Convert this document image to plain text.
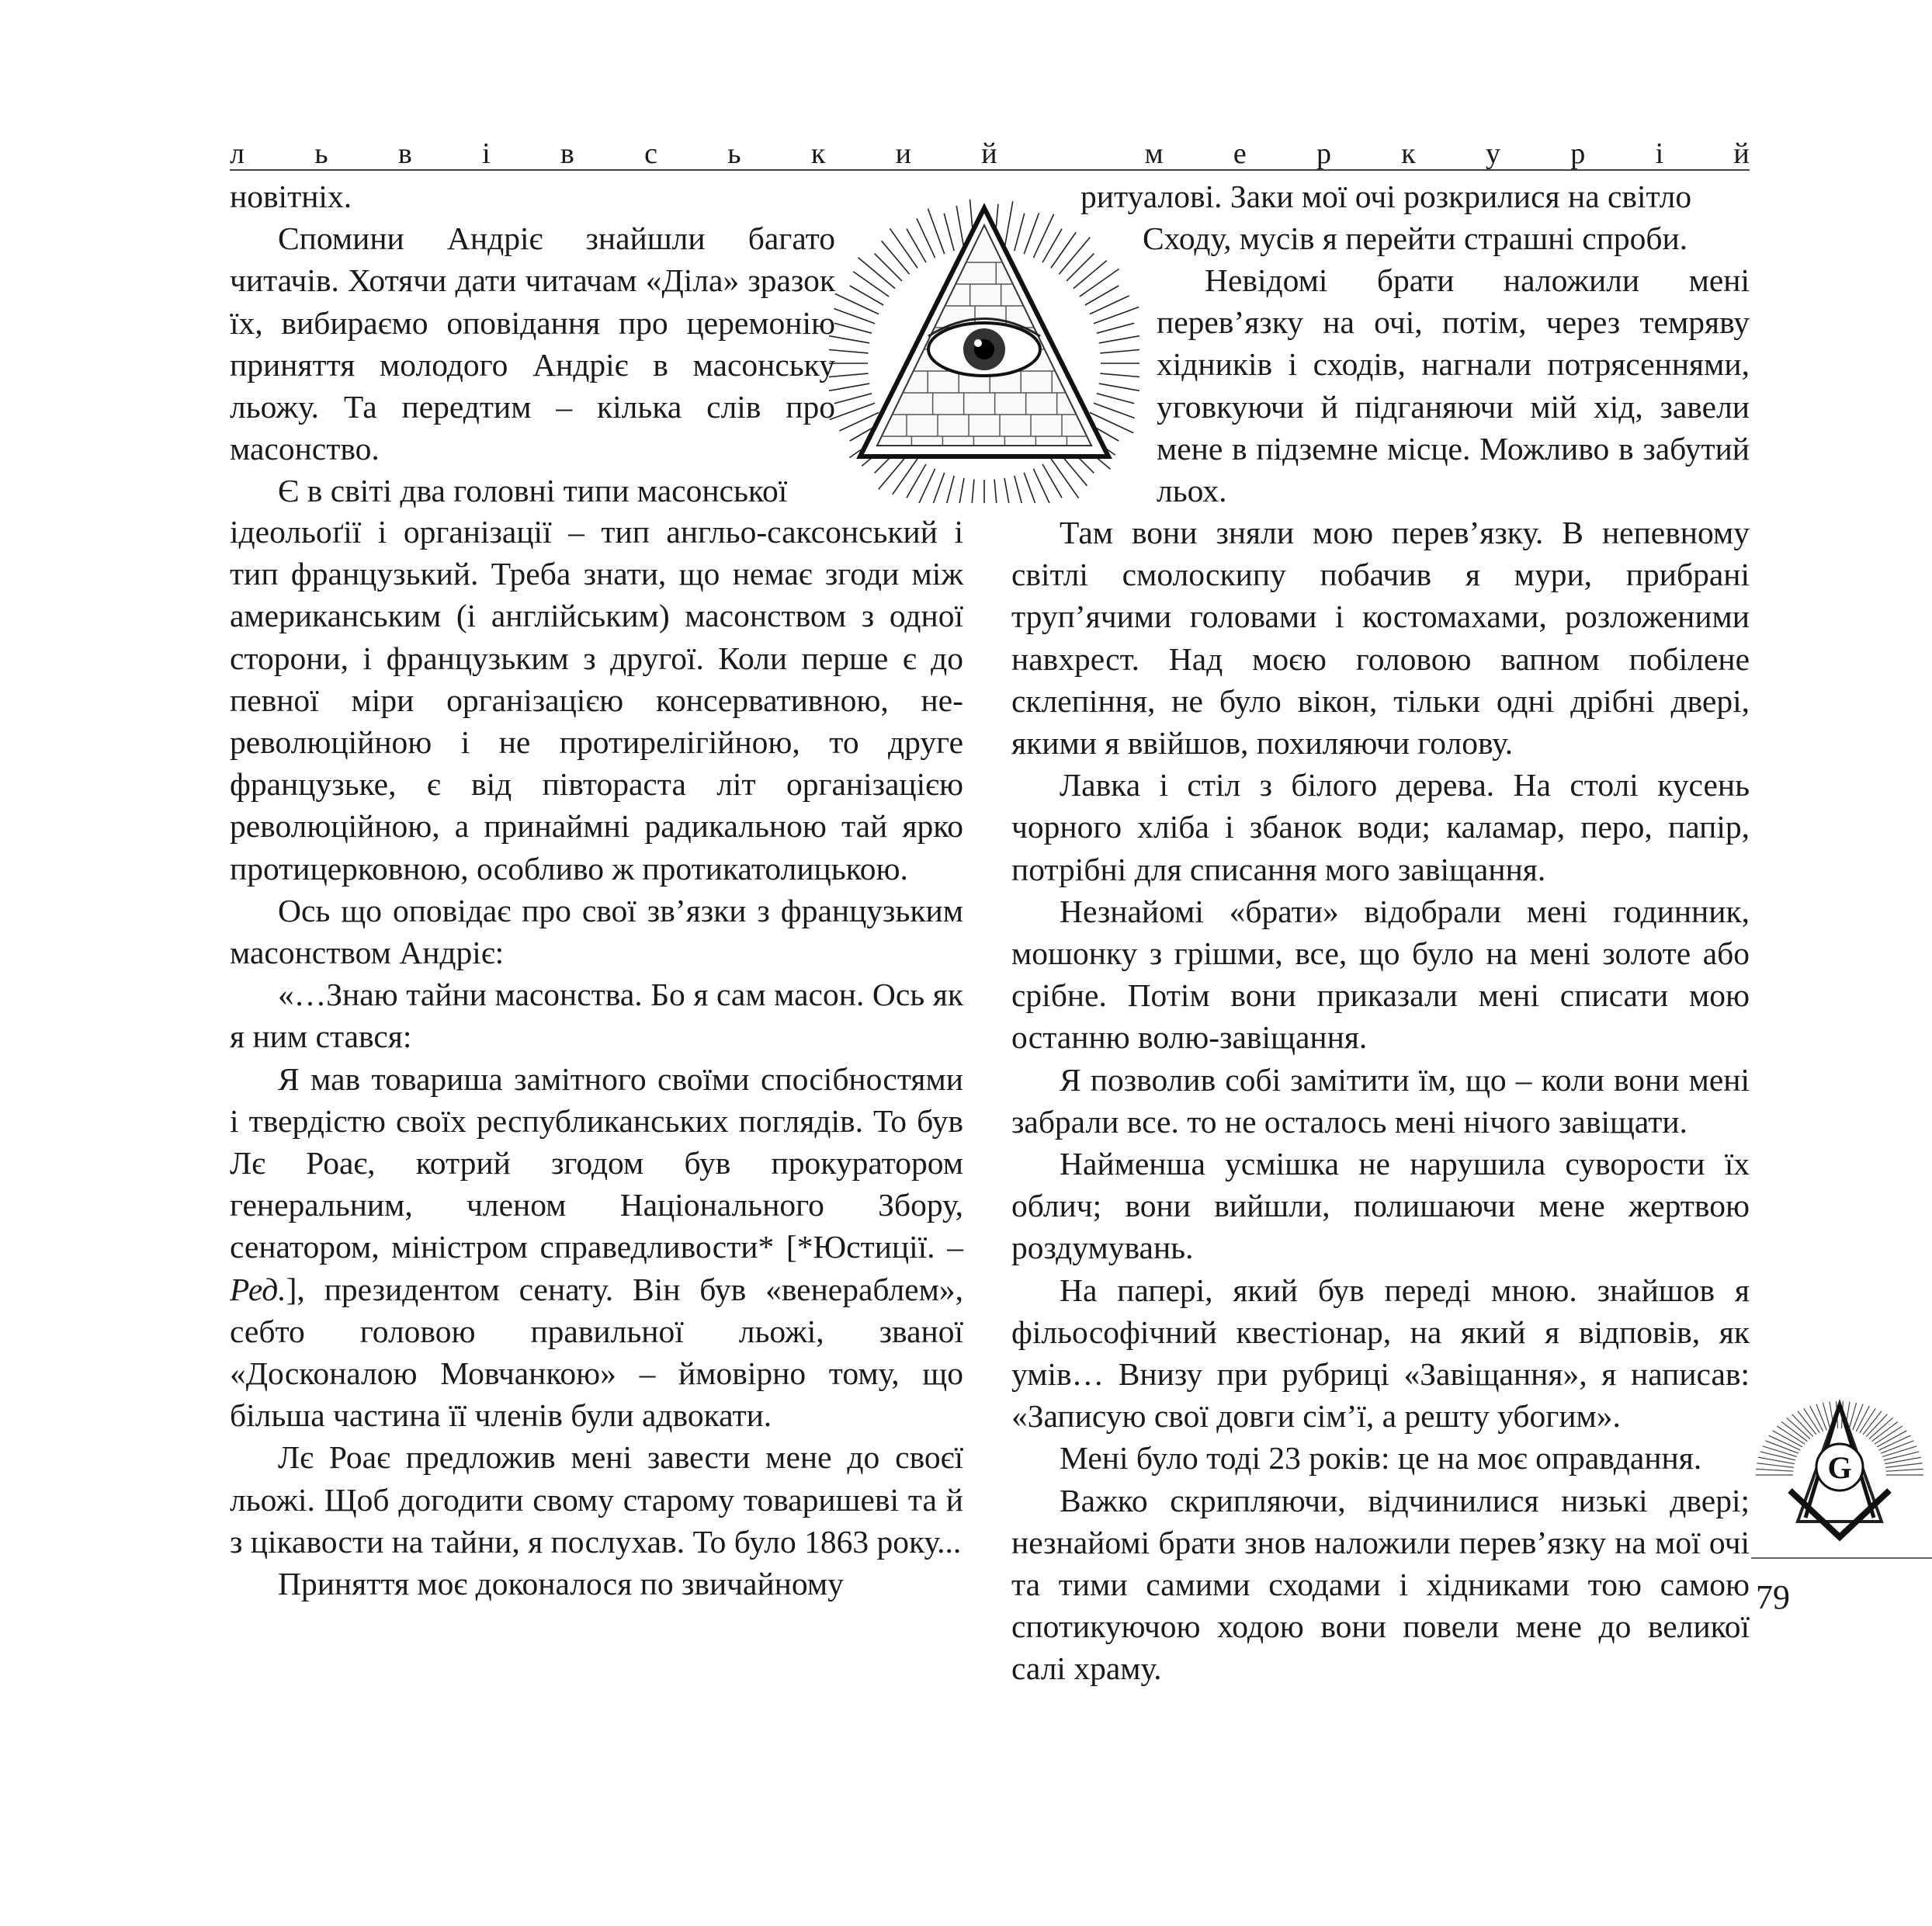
л ь в і в с ь к и й
	м е р к у р і й

новітніх.

Спомини Андріє знайшли багато читачів. Хотячи дати читачам «Діла» зразок їх, вибираємо оповідання про церемонію приняття молодого Андріє в масонську льожу. Та передтим – кілька слів про масонство.

Є в світі два головні типи масонської

ідеольоґії і організації – тип англьо-саксонський і тип французький. Треба знати, що немає згоди між американським (і англійським) масонством з одної сторони, і французьким з другої. Коли перше є до певної міри організацією консервативною, не-революційною і не протирелігійною, то друге французьке, є від півтораста літ організацією революційною, а принаймні радикальною тай ярко протицерковною, особливо ж протикатолицькою.

Ось що оповідає про свої зв’язки з французьким масонством Андріє:

«…Знаю тайни масонства. Бо я сам масон. Ось як я ним стався:

Я мав товариша замітного своїми спосібностями і твердістю своїх республиканських поглядів. То був Лє Роає, котрий згодом був прокуратором генеральним, членом Національного Збору, сенатором, міністром справедливости* [*Юстиції. – Ред.], президентом сенату. Він був «венераблем», себто головою правильної льожі, званої «Досконалою Мовчанкою» – ймовірно тому, що більша частина її членів були адвокати.

Лє Роає предложив мені завести мене до своєї льожі. Щоб догодити свому старому товаришеві та й з цікавости на тайни, я послухав. То було 1863 року...

Приняття моє доконалося по звичайному

ритуалові. Заки мої очі розкрилися на світло

Сходу, мусів я перейти страшні спроби.

Невідомі брати наложили мені перев’язку на очі, потім, через темряву хідників і сходів, нагнали потрясеннями, уговкуючи й підганяючи мій хід, завели мене в підземне місце. Можливо в забутий льох.

Там вони зняли мою перев’язку. В непевному світлі смолоскипу побачив я мури, прибрані труп’ячими головами і костомахами, розложеними навхрест. Над моєю головою вапном побілене склепіння, не було вікон, тільки одні дрібні двері, якими я ввійшов, похиляючи голову.

Лавка і стіл з білого дерева. На столі кусень чорного хліба і збанок води; каламар, перо, папір, потрібні для списання мого завіщання.

Незнайомі «брати» відобрали мені годинник, мошонку з грішми, все, що було на мені золоте або срібне. Потім вони приказали мені списати мою останню волю-завіщання.

Я позволив собі замітити їм, що – коли вони мені забрали все. то не осталось мені нічого завіщати.

Найменша усмішка не нарушила суворости їх облич; вони вийшли, полишаючи мене жертвою роздумувань.

На папері, який був переді мною. знайшов я фільософічний квестіонар, на який я відповів, як умів… Внизу при рубриці «Завіщання», я написав: «Записую свої довги сім’ї, а решту убогим».

Мені було тоді 23 років: це на моє оправдання.

Важко скрипляючи, відчинилися низькі двері; незнайомі брати знов наложили перев’язку на мої очі та тими самими сходами і хідниками тою самою спотикуючою ходою вони повели мене до великої салі храму.

G
79
